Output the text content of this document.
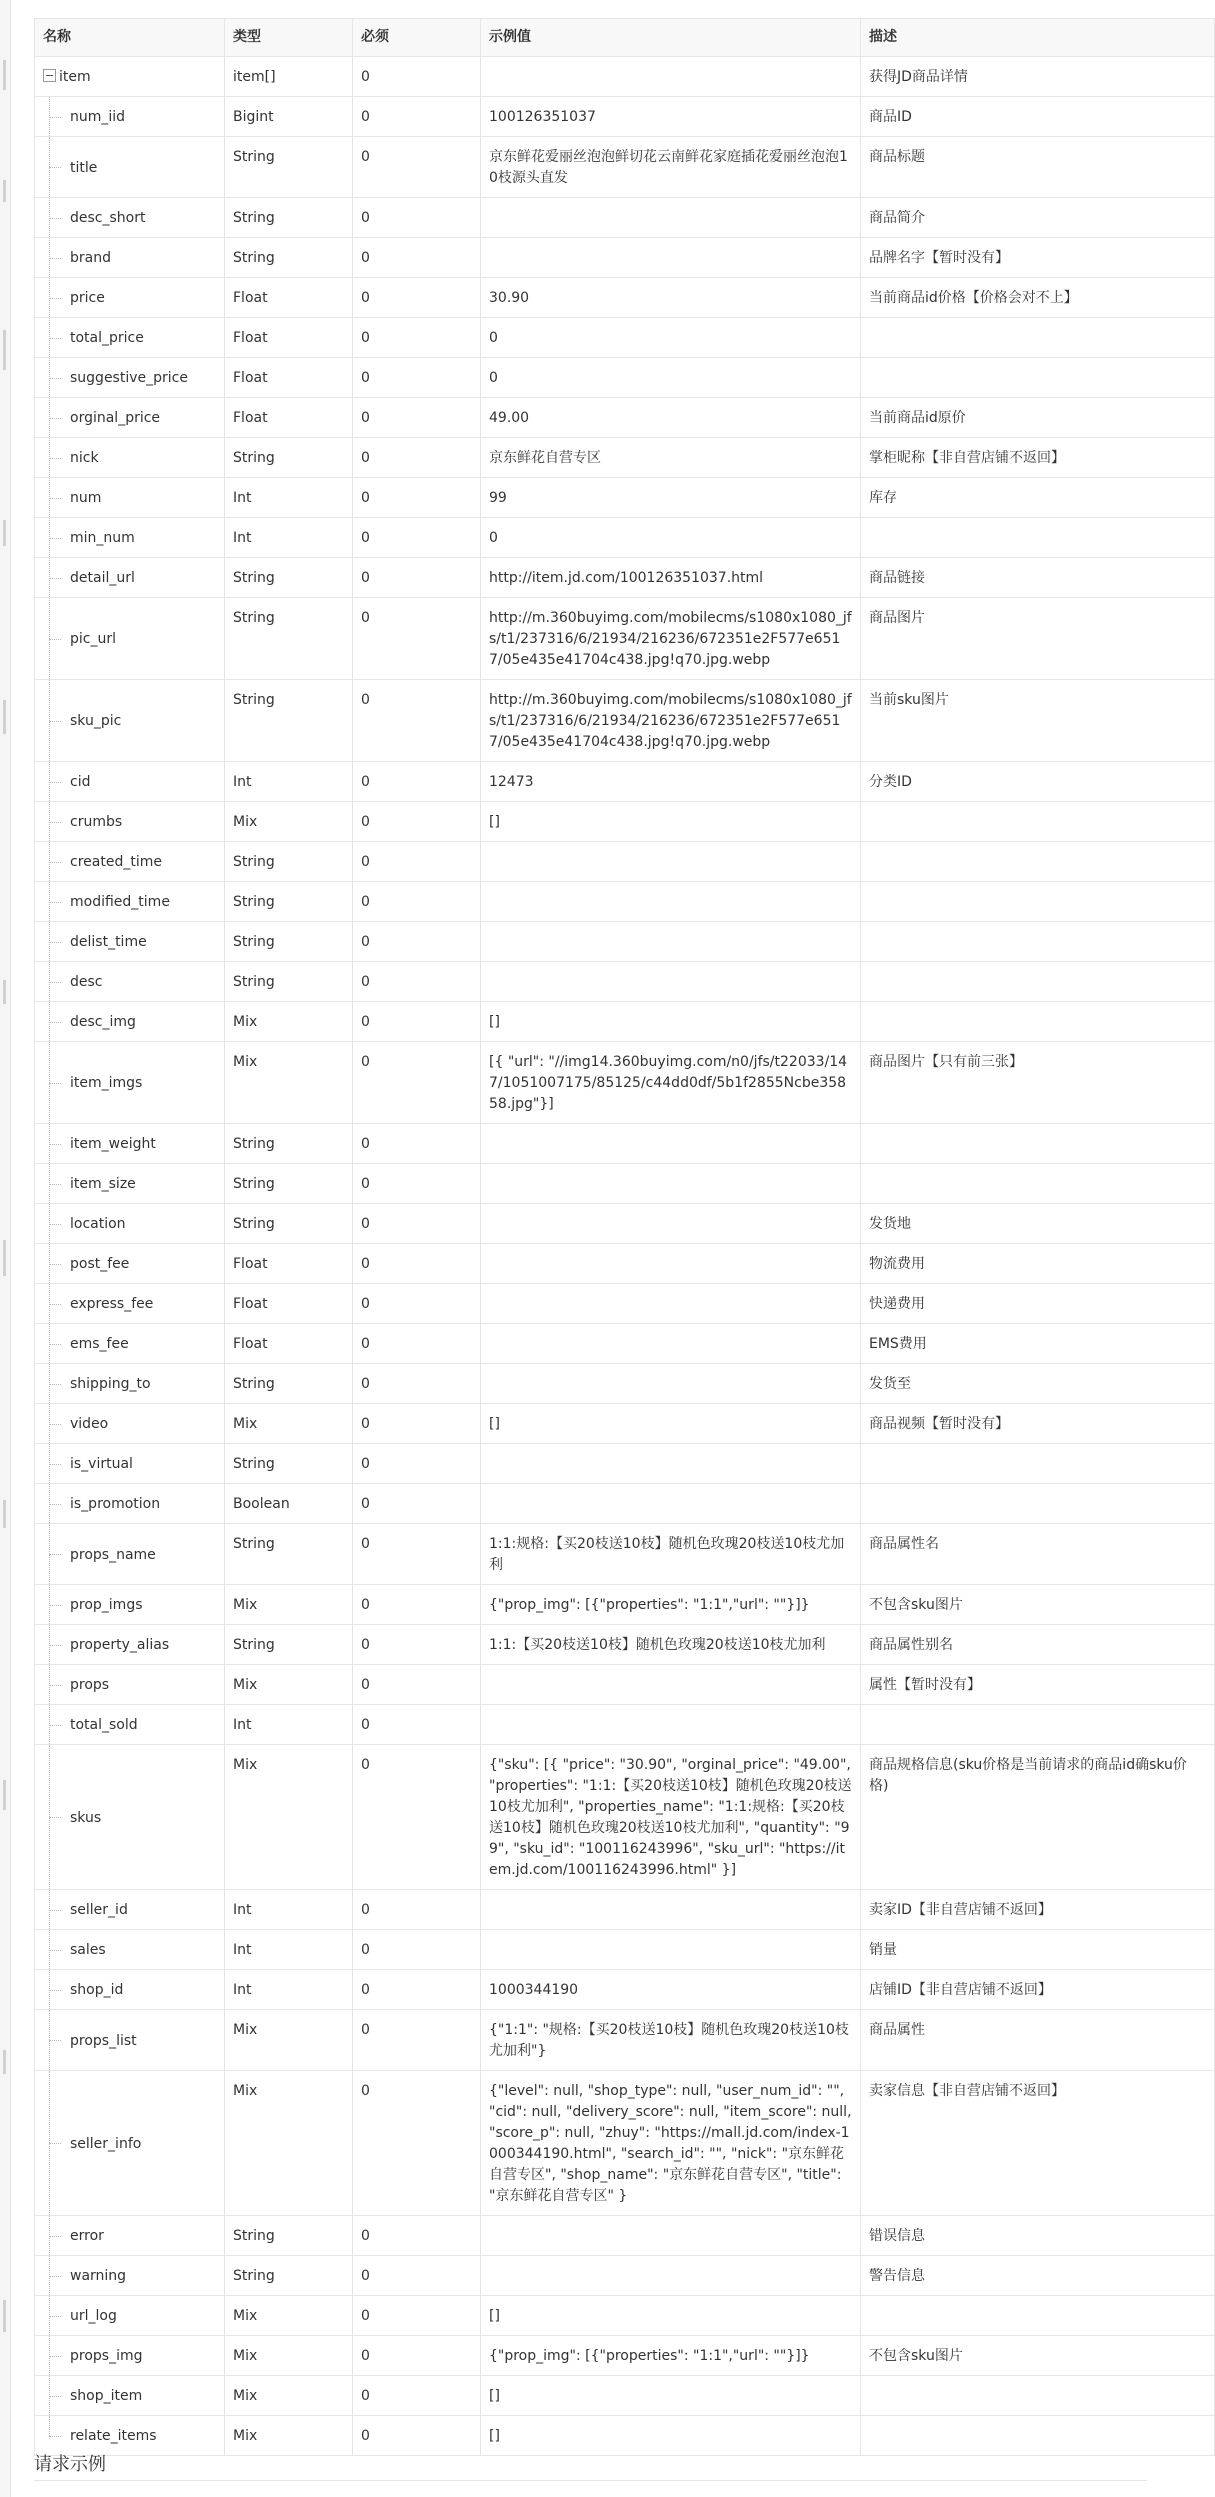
名称	类型	必须	示例值	描述
item	item[]	0		获得JD商品详情

num_iid	Bigint	0	100126351037	商品ID

title	String	0	京东鲜花爱丽丝泡泡鲜切花云南鲜花家庭插花爱丽丝泡泡10枝源头直发	商品标题

desc_short	String	0		商品简介

brand	String	0		品牌名字【暂时没有】

price	Float	0	30.90	当前商品id价格【价格会对不上】

total_price	Float	0	0	

suggestive_price	Float	0	0	

orginal_price	Float	0	49.00	当前商品id原价

nick	String	0	京东鲜花自营专区	掌柜昵称【非自营店铺不返回】

num	Int	0	99	库存

min_num	Int	0	0	

detail_url	String	0	http://item.jd.com/100126351037.html	商品链接

pic_url	String	0	http://m.360buyimg.com/mobilecms/s1080x1080_jfs/t1/237316/6/21934/216236/672351e2F577e6517/05e435e41704c438.jpg!q70.jpg.webp	商品图片

sku_pic	String	0	http://m.360buyimg.com/mobilecms/s1080x1080_jfs/t1/237316/6/21934/216236/672351e2F577e6517/05e435e41704c438.jpg!q70.jpg.webp	当前sku图片

cid	Int	0	12473	分类ID

crumbs	Mix	0	[]	

created_time	String	0		

modified_time	String	0		

delist_time	String	0		

desc	String	0		

desc_img	Mix	0	[]	

item_imgs	Mix	0	[{ "url": "//img14.360buyimg.com/n0/jfs/t22033/147/1051007175/85125/c44dd0df/5b1f2855Ncbe35858.jpg"}]	商品图片【只有前三张】

item_weight	String	0		

item_size	String	0		

location	String	0		发货地

post_fee	Float	0		物流费用

express_fee	Float	0		快递费用

ems_fee	Float	0		EMS费用

shipping_to	String	0		发货至

video	Mix	0	[]	商品视频【暂时没有】

is_virtual	String	0		

is_promotion	Boolean	0		

props_name	String	0	1:1:规格:【买20枝送10枝】随机色玫瑰20枝送10枝尤加利	商品属性名

prop_imgs	Mix	0	{"prop_img": [{"properties": "1:1","url": ""}]}	不包含sku图片

property_alias	String	0	1:1:【买20枝送10枝】随机色玫瑰20枝送10枝尤加利	商品属性别名

props	Mix	0		属性【暂时没有】

total_sold	Int	0		

skus	Mix	0	{"sku": [{ "price": "30.90", "orginal_price": "49.00", "properties": "1:1:【买20枝送10枝】随机色玫瑰20枝送10枝尤加利", "properties_name": "1:1:规格:【买20枝送10枝】随机色玫瑰20枝送10枝尤加利", "quantity": "99", "sku_id": "100116243996", "sku_url": "https://item.jd.com/100116243996.html" }]	商品规格信息(sku价格是当前请求的商品id确sku价格)

seller_id	Int	0		卖家ID【非自营店铺不返回】

sales	Int	0		销量

shop_id	Int	0	1000344190	店铺ID【非自营店铺不返回】

props_list	Mix	0	{"1:1": "规格:【买20枝送10枝】随机色玫瑰20枝送10枝尤加利"}	商品属性

seller_info	Mix	0	{"level": null, "shop_type": null, "user_num_id": "", "cid": null, "delivery_score": null, "item_score": null, "score_p": null, "zhuy": "https://mall.jd.com/index-1000344190.html", "search_id": "", "nick": "京东鲜花自营专区", "shop_name": "京东鲜花自营专区", "title": "京东鲜花自营专区" }	卖家信息【非自营店铺不返回】

error	String	0		错误信息

warning	String	0		警告信息

url_log	Mix	0	[]	

props_img	Mix	0	{"prop_img": [{"properties": "1:1","url": ""}]}	不包含sku图片

shop_item	Mix	0	[]	

relate_items	Mix	0	[]	
请求示例
